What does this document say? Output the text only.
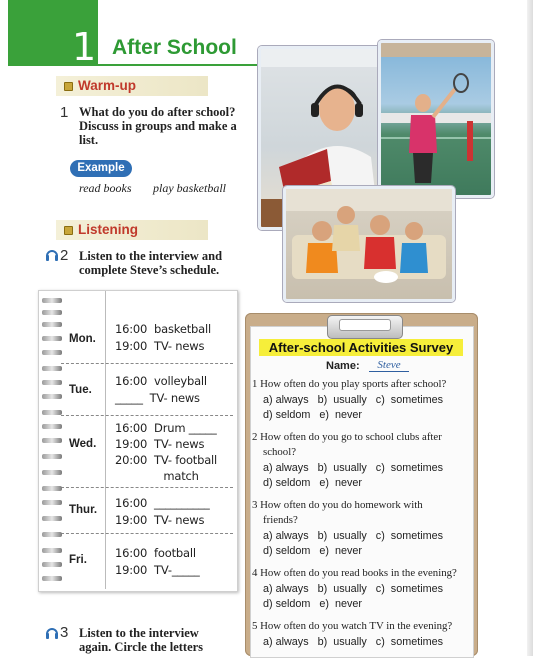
1 After School
Warm-up
1 What do you do after school?
Discuss in groups and make a
list.
Example
read books play basketball
Listening
2 Listen to the interview and
complete Steve’s schedule.
Mon.
16:00  basketball
19:00  TV- news
Tue.
16:00  volleyball
_____  TV- news
Wed.
16:00  Drum _____
19:00  TV- news
20:00  TV- football
match
Thur. 16:00  __________
19:00  TV- news
Fri. 16:00  football
19:00  TV-_____
After-school Activities Survey
Name:	Steve
1 How often do you play sports after school?
a) always   b)  usually   c)  sometimes
d) seldom   e)  never
2 How often do you go to school clubs after
school?
a) always   b)  usually   c)  sometimes
d) seldom   e)  never
3 How often do you do homework with
friends?
a) always   b)  usually   c)  sometimes
d) seldom   e)  never
4 How often do you read books in the evening?
a) always   b)  usually   c)  sometimes
d) seldom   e)  never
5 How often do you watch TV in the evening?
a) always   b)  usually   c)  sometimes
3 Listen to the interview
again. Circle the letters
